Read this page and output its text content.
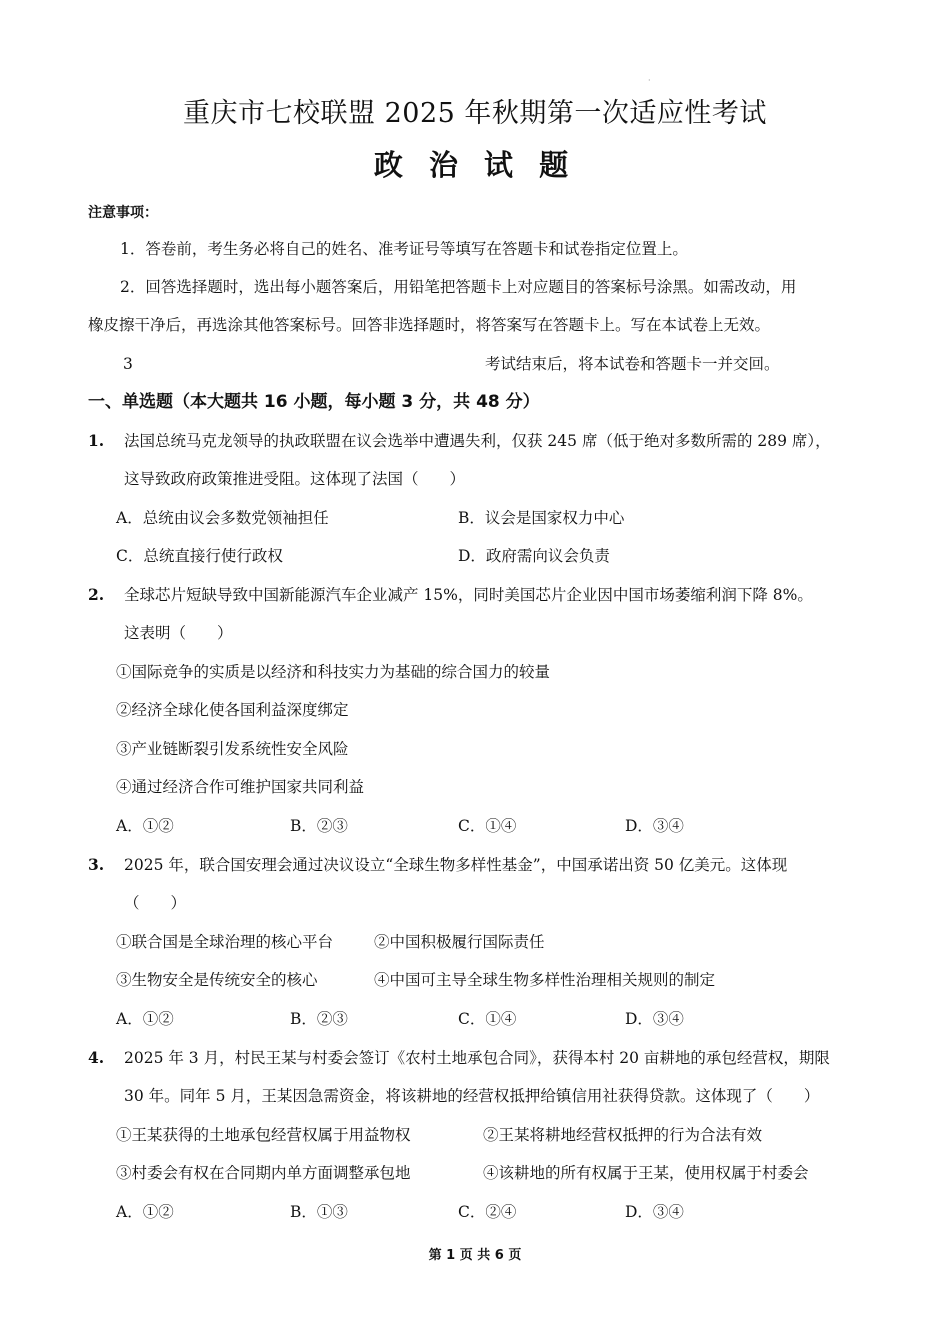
·
重庆市七校联盟 2025 年秋期第一次适应性考试
政 治 试 题
注意事项：
1．答卷前，考生务必将自己的姓名、准考证号等填写在答题卡和试卷指定位置上。
2．回答选择题时，选出每小题答案后，用铅笔把答题卡上对应题目的答案标号涂黑。如需改动，用
橡皮擦干净后，再选涂其他答案标号。回答非选择题时，将答案写在答题卡上。写在本试卷上无效。
3	考试结束后，将本试卷和答题卡一并交回。
一、单选题（本大题共 16 小题，每小题 3 分，共 48 分）
1. 法国总统马克龙领导的执政联盟在议会选举中遭遇失利，仅获 245 席（低于绝对多数所需的 289 席），
这导致政府政策推进受阻。这体现了法国（　　）
A．总统由议会多数党领袖担任	B．议会是国家权力中心
C．总统直接行使行政权	D．政府需向议会负责
2. 全球芯片短缺导致中国新能源汽车企业减产 15%，同时美国芯片企业因中国市场萎缩利润下降 8%。
这表明（　　）
①国际竞争的实质是以经济和科技实力为基础的综合国力的较量
②经济全球化使各国利益深度绑定
③产业链断裂引发系统性安全风险
④通过经济合作可维护国家共同利益
A．①②	B．②③	C．①④	D．③④
3. 2025 年，联合国安理会通过决议设立“全球生物多样性基金”，中国承诺出资 50 亿美元。这体现
（　　）
①联合国是全球治理的核心平台	②中国积极履行国际责任
③生物安全是传统安全的核心	④中国可主导全球生物多样性治理相关规则的制定
A．①②	B．②③	C．①④	D．③④
4. 2025 年 3 月，村民王某与村委会签订《农村土地承包合同》，获得本村 20 亩耕地的承包经营权，期限
30 年。同年 5 月，王某因急需资金，将该耕地的经营权抵押给镇信用社获得贷款。这体现了（　　）
①王某获得的土地承包经营权属于用益物权	②王某将耕地经营权抵押的行为合法有效
③村委会有权在合同期内单方面调整承包地	④该耕地的所有权属于王某，使用权属于村委会
A．①②	B．①③	C．②④	D．③④
第 1 页 共 6 页
